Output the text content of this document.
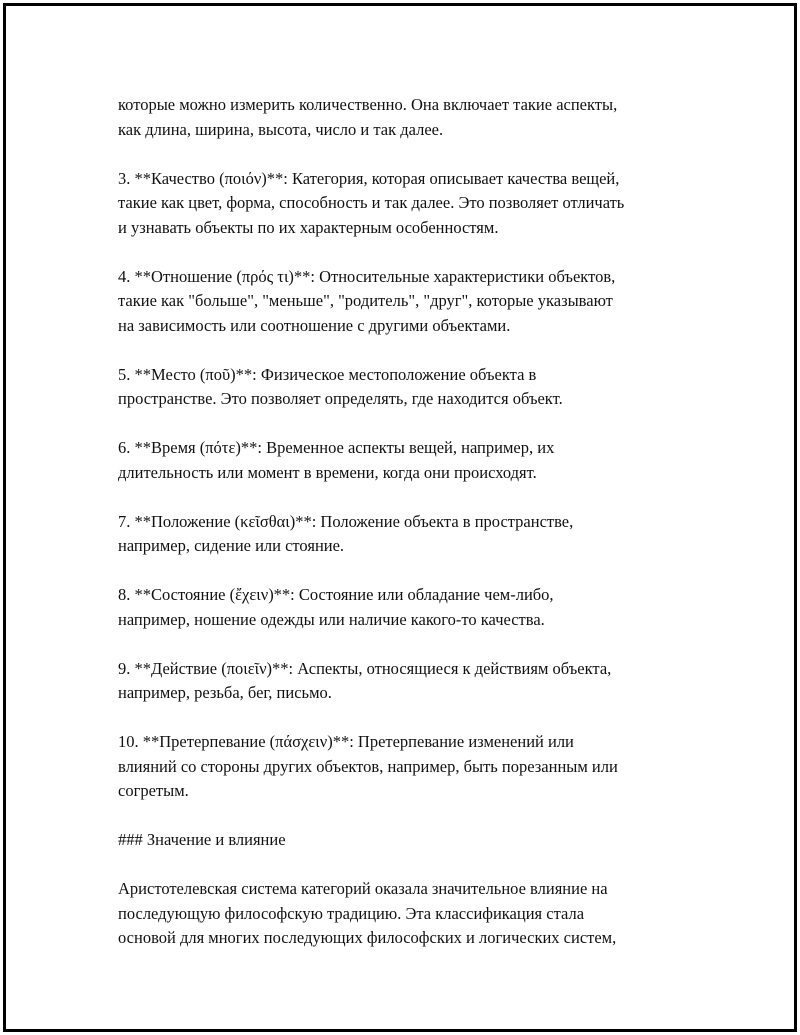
которые можно измерить количественно. Она включает такие аспекты,
как длина, ширина, высота, число и так далее.

3. **Качество (ποιόν)**: Категория, которая описывает качества вещей,
такие как цвет, форма, способность и так далее. Это позволяет отличать
и узнавать объекты по их характерным особенностям.

4. **Отношение (πρός τι)**: Относительные характеристики объектов,
такие как "больше", "меньше", "родитель", "друг", которые указывают
на зависимость или соотношение с другими объектами.

5. **Место (ποῦ)**: Физическое местоположение объекта в
пространстве. Это позволяет определять, где находится объект.

6. **Время (πότε)**: Временное аспекты вещей, например, их
длительность или момент в времени, когда они происходят.

7. **Положение (κεῖσθαι)**: Положение объекта в пространстве,
например, сидение или стояние.

8. **Состояние (ἔχειν)**: Состояние или обладание чем-либо,
например, ношение одежды или наличие какого-то качества.

9. **Действие (ποιεῖν)**: Аспекты, относящиеся к действиям объекта,
например, резьба, бег, письмо.

10. **Претерпевание (πάσχειν)**: Претерпевание изменений или
влияний со стороны других объектов, например, быть порезанным или
согретым.

### Значение и влияние

Аристотелевская система категорий оказала значительное влияние на
последующую философскую традицию. Эта классификация стала
основой для многих последующих философских и логических систем,
